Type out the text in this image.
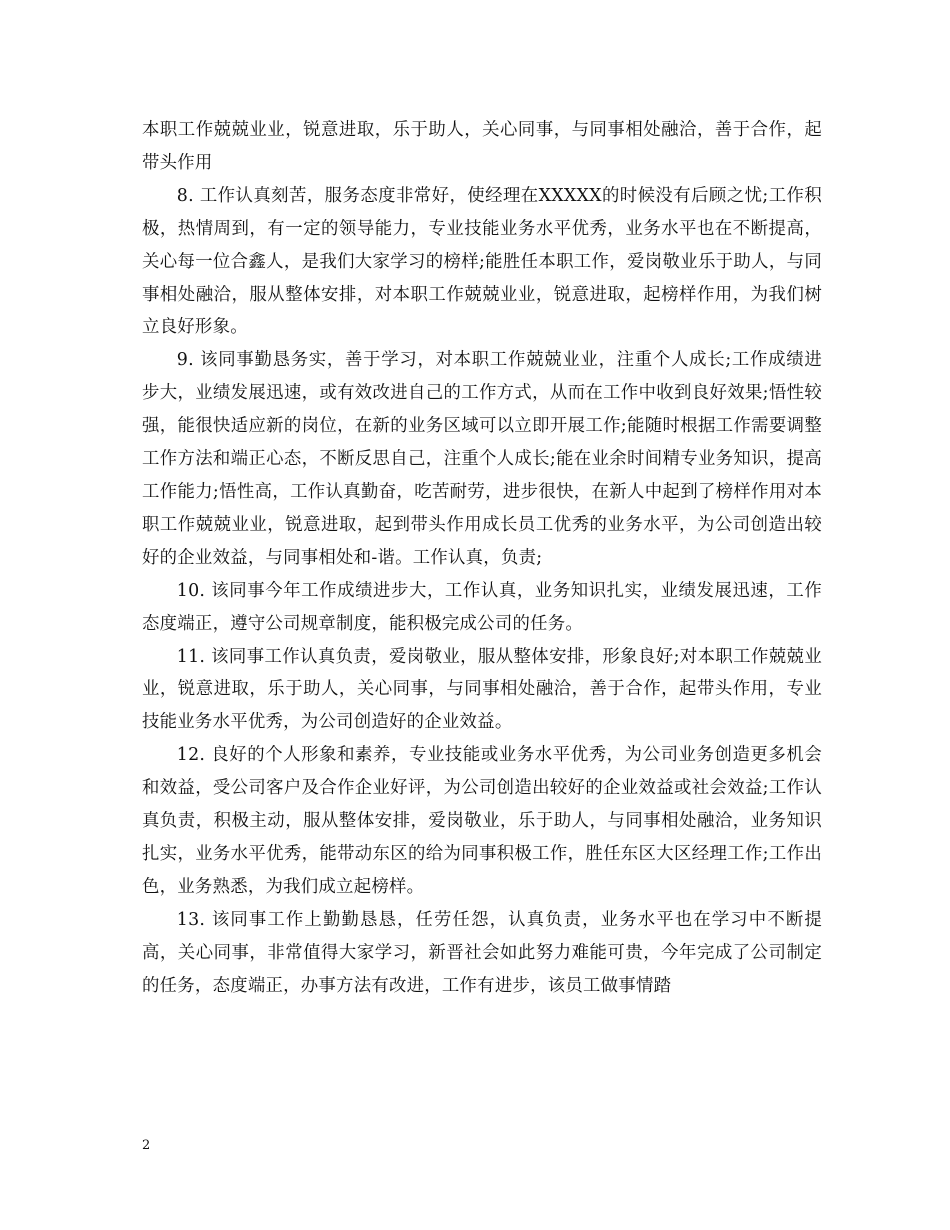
本职工作兢兢业业，锐意进取，乐于助人，关心同事，与同事相处融洽，善于合作，起带头作用

8. 工作认真刻苦，服务态度非常好，使经理在XXXXX的时候没有后顾之忧;工作积极，热情周到，有一定的领导能力，专业技能业务水平优秀，业务水平也在不断提高，关心每一位合鑫人，是我们大家学习的榜样;能胜任本职工作，爱岗敬业乐于助人，与同事相处融洽，服从整体安排，对本职工作兢兢业业，锐意进取，起榜样作用，为我们树立良好形象。

9. 该同事勤恳务实，善于学习，对本职工作兢兢业业，注重个人成长;工作成绩进步大，业绩发展迅速，或有效改进自己的工作方式，从而在工作中收到良好效果;悟性较强，能很快适应新的岗位，在新的业务区域可以立即开展工作;能随时根据工作需要调整工作方法和端正心态，不断反思自己，注重个人成长;能在业余时间精专业务知识，提高工作能力;悟性高，工作认真勤奋，吃苦耐劳，进步很快，在新人中起到了榜样作用对本职工作兢兢业业，锐意进取，起到带头作用成长员工优秀的业务水平，为公司创造出较好的企业效益，与同事相处和-谐。工作认真，负责;

10. 该同事今年工作成绩进步大，工作认真，业务知识扎实，业绩发展迅速，工作态度端正，遵守公司规章制度，能积极完成公司的任务。

11. 该同事工作认真负责，爱岗敬业，服从整体安排，形象良好;对本职工作兢兢业业，锐意进取，乐于助人，关心同事，与同事相处融洽，善于合作，起带头作用，专业技能业务水平优秀，为公司创造好的企业效益。

12. 良好的个人形象和素养，专业技能或业务水平优秀，为公司业务创造更多机会和效益，受公司客户及合作企业好评，为公司创造出较好的企业效益或社会效益;工作认真负责，积极主动，服从整体安排，爱岗敬业，乐于助人，与同事相处融洽，业务知识扎实，业务水平优秀，能带动东区的给为同事积极工作，胜任东区大区经理工作;工作出色，业务熟悉，为我们成立起榜样。

13. 该同事工作上勤勤恳恳，任劳任怨，认真负责，业务水平也在学习中不断提高，关心同事，非常值得大家学习，新晋社会如此努力难能可贵，今年完成了公司制定的任务，态度端正，办事方法有改进，工作有进步，该员工做事情踏

2
